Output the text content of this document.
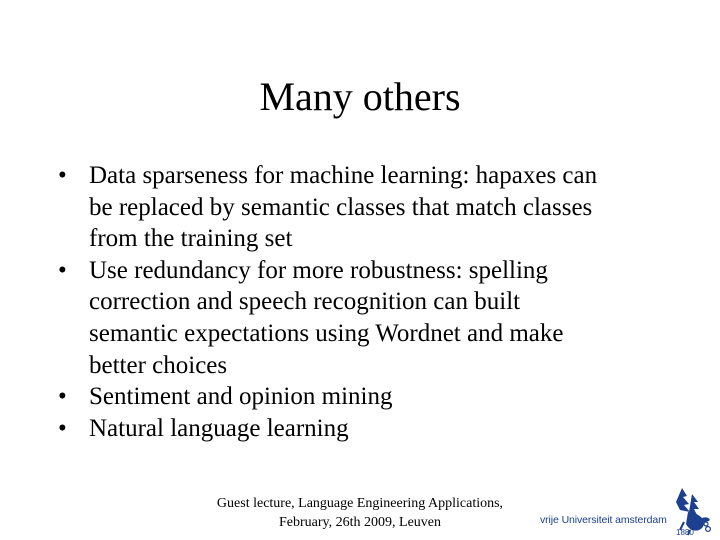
Many others
• Data sparseness for machine learning: hapaxes can
be replaced by semantic classes that match classes
from the training set
• Use redundancy for more robustness: spelling
correction and speech recognition can built
semantic expectations using Wordnet and make
better choices
• Sentiment and opinion mining
• Natural language learning
Guest lecture, Language Engineering Applications,
February, 26th 2009, Leuven	vrije Universiteit amsterdam
1880
